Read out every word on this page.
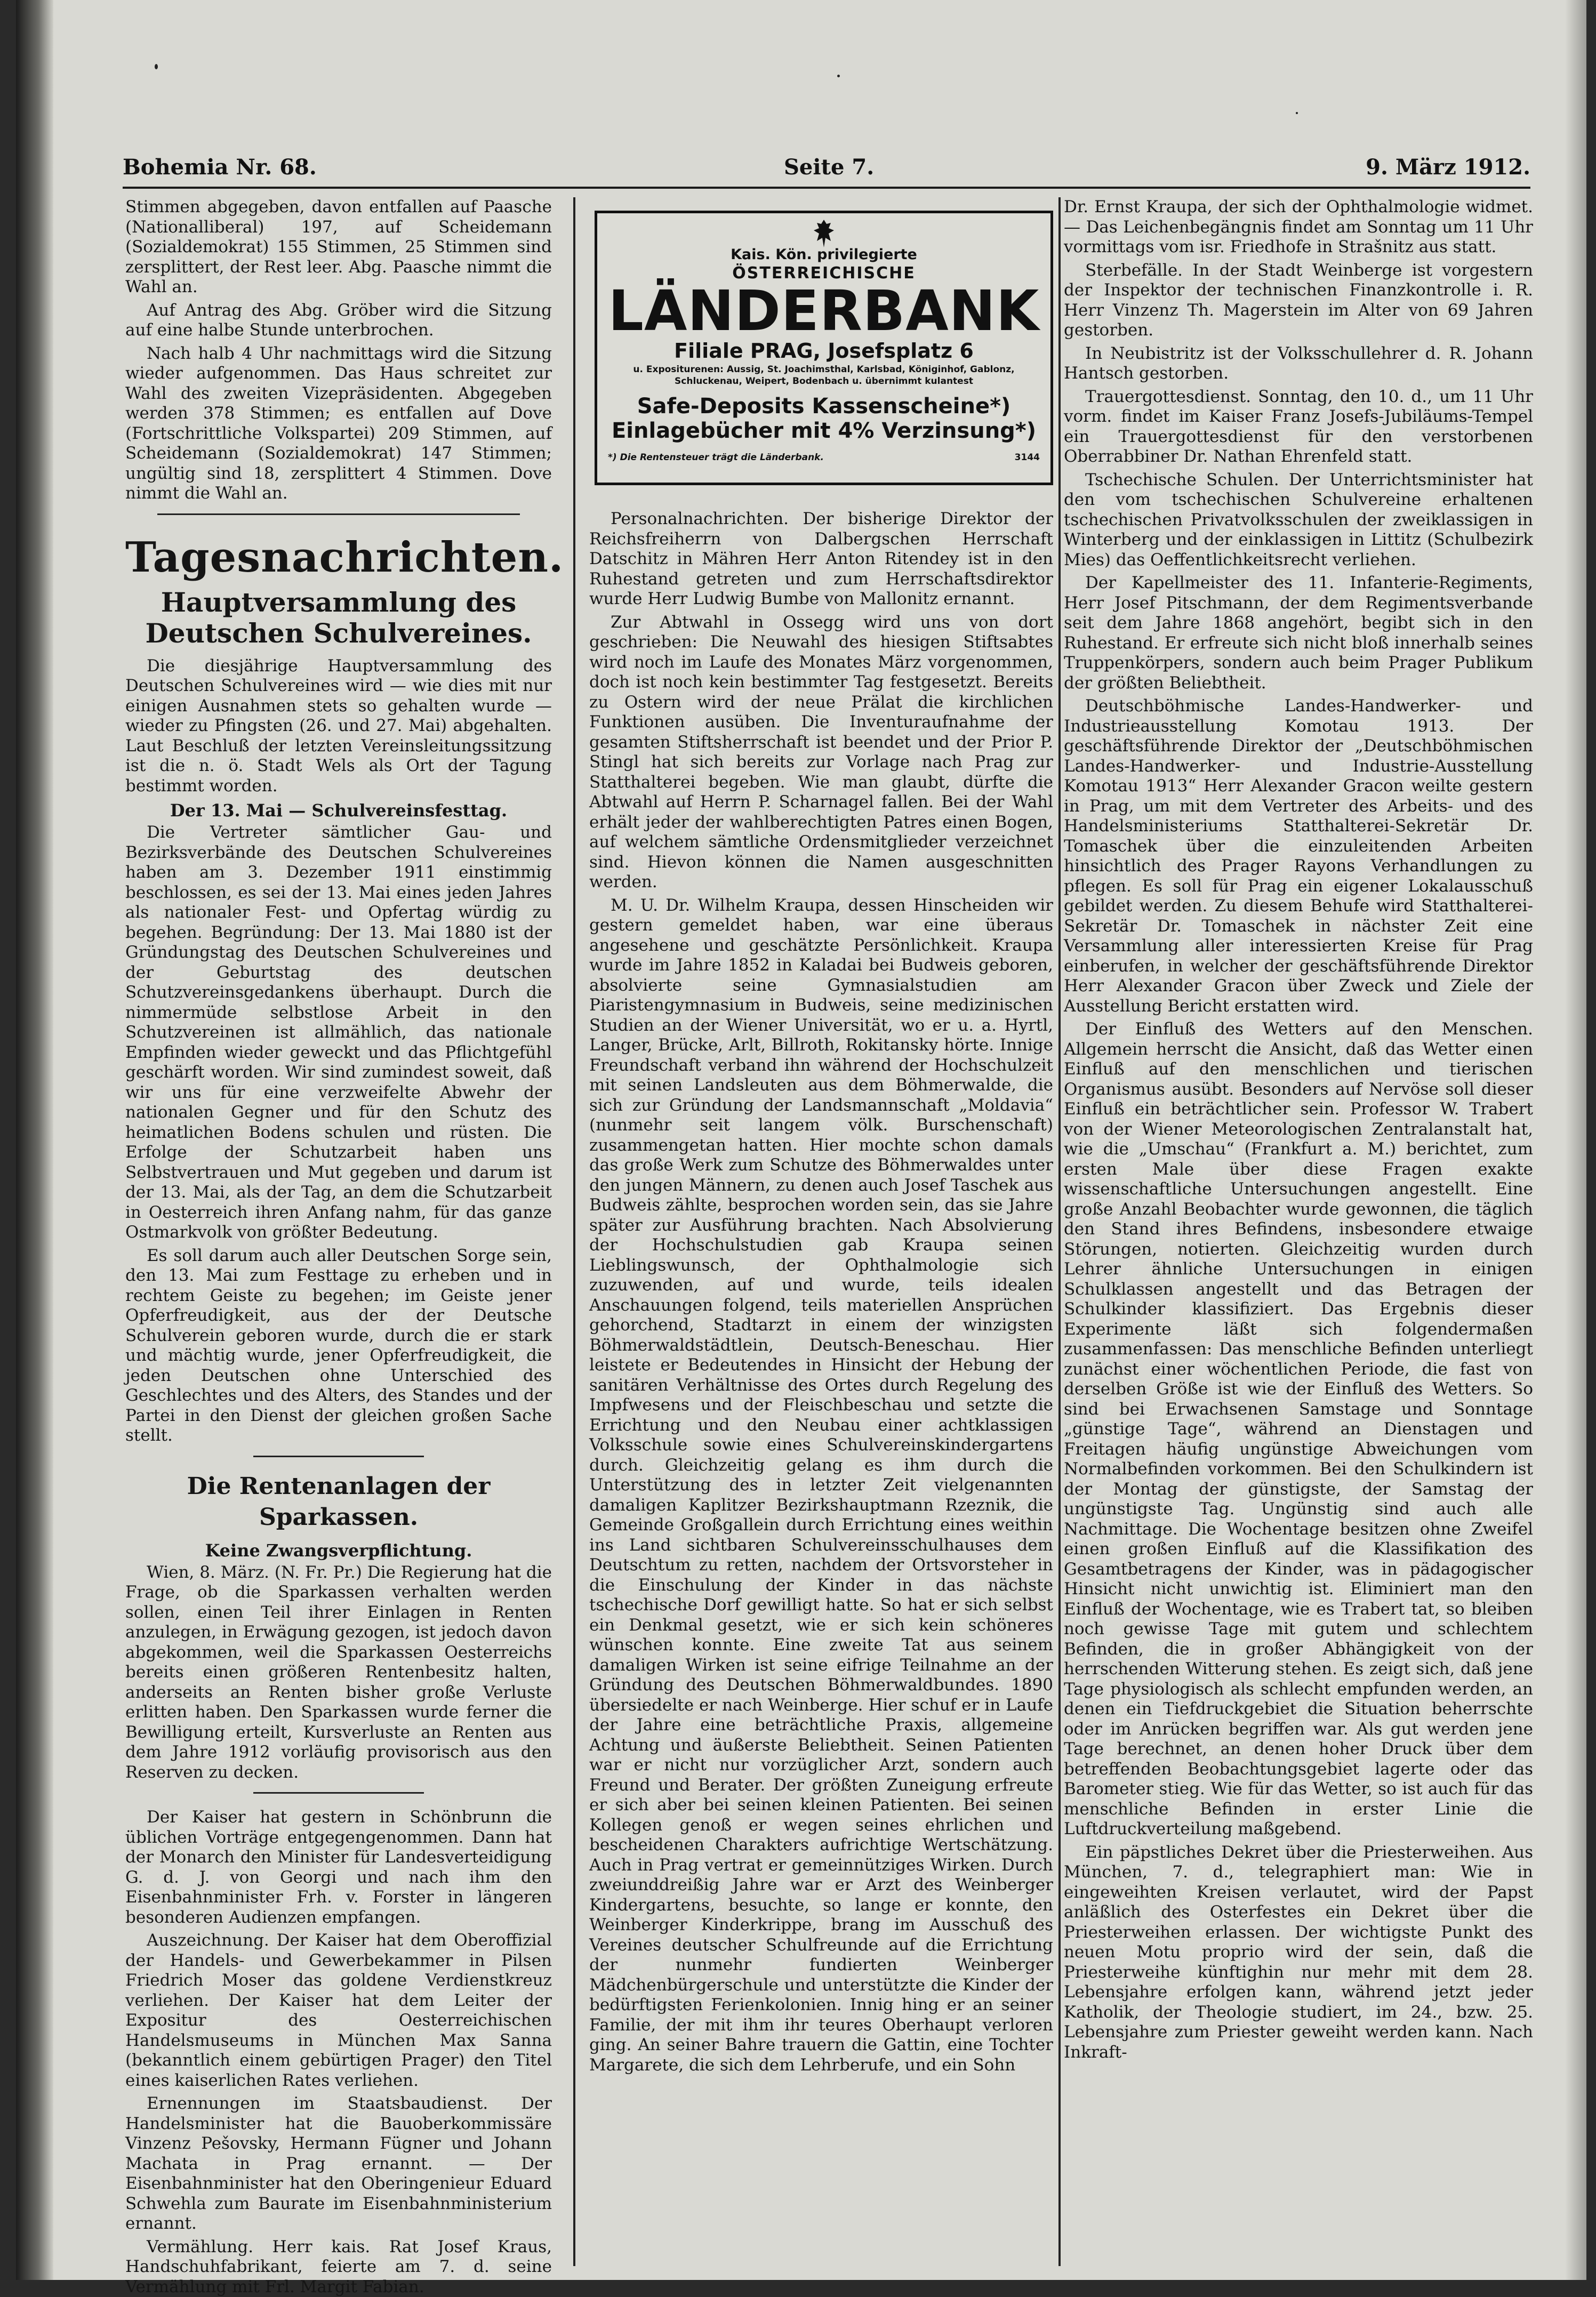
Bohemia Nr. 68.	Seite 7.	9. März 1912.

Stimmen abgegeben, davon entfallen auf Paasche (Nationalliberal) 197, auf Scheidemann (Sozialdemokrat) 155 Stimmen, 25 Stimmen sind zersplittert, der Rest leer. Abg. Paasche nimmt die Wahl an.

Auf Antrag des Abg. Gröber wird die Sitzung auf eine halbe Stunde unterbrochen.

Nach halb 4 Uhr nachmittags wird die Sitzung wieder aufgenommen. Das Haus schreitet zur Wahl des zweiten Vizepräsidenten. Abgegeben werden 378 Stimmen; es entfallen auf Dove (Fortschrittliche Volkspartei) 209 Stimmen, auf Scheidemann (Sozialdemokrat) 147 Stimmen; ungültig sind 18, zersplittert 4 Stimmen. Dove nimmt die Wahl an.

Tagesnachrichten.
Hauptversammlung des Deutschen Schulvereines.

Die diesjährige Hauptversammlung des Deutschen Schulvereines wird — wie dies mit nur einigen Ausnahmen stets so gehalten wurde — wieder zu Pfingsten (26. und 27. Mai) abgehalten. Laut Beschluß der letzten Vereinsleitungssitzung ist die n. ö. Stadt Wels als Ort der Tagung bestimmt worden.

Der 13. Mai — Schulvereinsfesttag.

Die Vertreter sämtlicher Gau- und Bezirksverbände des Deutschen Schulvereines haben am 3. Dezember 1911 einstimmig beschlossen, es sei der 13. Mai eines jeden Jahres als nationaler Fest- und Opfertag würdig zu begehen. Begründung: Der 13. Mai 1880 ist der Gründungstag des Deutschen Schulvereines und der Geburtstag des deutschen Schutzvereinsgedankens überhaupt. Durch die nimmermüde selbstlose Arbeit in den Schutzvereinen ist allmählich, das nationale Empfinden wieder geweckt und das Pflichtgefühl geschärft worden. Wir sind zumindest soweit, daß wir uns für eine verzweifelte Abwehr der nationalen Gegner und für den Schutz des heimatlichen Bodens schulen und rüsten. Die Erfolge der Schutzarbeit haben uns Selbstvertrauen und Mut gegeben und darum ist der 13. Mai, als der Tag, an dem die Schutzarbeit in Oesterreich ihren Anfang nahm, für das ganze Ostmarkvolk von größter Bedeutung.

Es soll darum auch aller Deutschen Sorge sein, den 13. Mai zum Festtage zu erheben und in rechtem Geiste zu begehen; im Geiste jener Opferfreudigkeit, aus der der Deutsche Schulverein geboren wurde, durch die er stark und mächtig wurde, jener Opferfreudigkeit, die jeden Deutschen ohne Unterschied des Geschlechtes und des Alters, des Standes und der Partei in den Dienst der gleichen großen Sache stellt.

Die Rentenanlagen der Sparkassen.
Keine Zwangsverpflichtung.

Wien, 8. März. (N. Fr. Pr.) Die Regierung hat die Frage, ob die Sparkassen verhalten werden sollen, einen Teil ihrer Einlagen in Renten anzulegen, in Erwägung gezogen, ist jedoch davon abgekommen, weil die Sparkassen Oesterreichs bereits einen größeren Rentenbesitz halten, anderseits an Renten bisher große Verluste erlitten haben. Den Sparkassen wurde ferner die Bewilligung erteilt, Kursverluste an Renten aus dem Jahre 1912 vorläufig provisorisch aus den Reserven zu decken.

Der Kaiser hat gestern in Schönbrunn die üblichen Vorträge entgegengenommen. Dann hat der Monarch den Minister für Landesverteidigung G. d. J. von Georgi und nach ihm den Eisenbahnminister Frh. v. Forster in längeren besonderen Audienzen empfangen.

Auszeichnung. Der Kaiser hat dem Oberoffizial der Handels- und Gewerbekammer in Pilsen Friedrich Moser das goldene Verdienstkreuz verliehen. Der Kaiser hat dem Leiter der Expositur des Oesterreichischen Handelsmuseums in München Max Sanna (bekanntlich einem gebürtigen Prager) den Titel eines kaiserlichen Rates verliehen.

Ernennungen im Staatsbaudienst. Der Handelsminister hat die Bauoberkommissäre Vinzenz Pešovsky, Hermann Fügner und Johann Machata in Prag ernannt. — Der Eisenbahnminister hat den Oberingenieur Eduard Schwehla zum Baurate im Eisenbahnministerium ernannt.

Vermählung. Herr kais. Rat Josef Kraus, Handschuhfabrikant, feierte am 7. d. seine Vermählung mit Frl. Margit Fabian.

Kais. Kön. privilegierte
ÖSTERREICHISCHE
LÄNDERBANK
Filiale PRAG, Josefsplatz 6
u. Expositurenen: Aussig, St. Joachimsthal, Karlsbad, Königinhof, Gablonz, Schluckenau, Weipert, Bodenbach u. übernimmt kulantest
Safe-Deposits Kassenscheine*)
Einlagebücher mit 4% Verzinsung*)
3144
*) Die Rentensteuer trägt die Länderbank.

Personalnachrichten. Der bisherige Direktor der Reichsfreiherrn von Dalbergschen Herrschaft Datschitz in Mähren Herr Anton Ritendey ist in den Ruhestand getreten und zum Herrschaftsdirektor wurde Herr Ludwig Bumbe von Mallonitz ernannt.

Zur Abtwahl in Ossegg wird uns von dort geschrieben: Die Neuwahl des hiesigen Stiftsabtes wird noch im Laufe des Monates März vorgenommen, doch ist noch kein bestimmter Tag festgesetzt. Bereits zu Ostern wird der neue Prälat die kirchlichen Funktionen ausüben. Die Inventuraufnahme der gesamten Stiftsherrschaft ist beendet und der Prior P. Stingl hat sich bereits zur Vorlage nach Prag zur Statthalterei begeben. Wie man glaubt, dürfte die Abtwahl auf Herrn P. Scharnagel fallen. Bei der Wahl erhält jeder der wahlberechtigten Patres einen Bogen, auf welchem sämtliche Ordensmitglieder verzeichnet sind. Hievon können die Namen ausgeschnitten werden.

M. U. Dr. Wilhelm Kraupa, dessen Hinscheiden wir gestern gemeldet haben, war eine überaus angesehene und geschätzte Persönlichkeit. Kraupa wurde im Jahre 1852 in Kaladai bei Budweis geboren, absolvierte seine Gymnasialstudien am Piaristengymnasium in Budweis, seine medizinischen Studien an der Wiener Universität, wo er u. a. Hyrtl, Langer, Brücke, Arlt, Billroth, Rokitansky hörte. Innige Freundschaft verband ihn während der Hochschulzeit mit seinen Landsleuten aus dem Böhmerwalde, die sich zur Gründung der Landsmannschaft „Moldavia“ (nunmehr seit langem völk. Burschenschaft) zusammengetan hatten. Hier mochte schon damals das große Werk zum Schutze des Böhmerwaldes unter den jungen Männern, zu denen auch Josef Taschek aus Budweis zählte, besprochen worden sein, das sie Jahre später zur Ausführung brachten. Nach Absolvierung der Hochschulstudien gab Kraupa seinen Lieblingswunsch, der Ophthalmologie sich zuzuwenden, auf und wurde, teils idealen Anschauungen folgend, teils materiellen Ansprüchen gehorchend, Stadtarzt in einem der winzigsten Böhmerwaldstädtlein, Deutsch-Beneschau. Hier leistete er Bedeutendes in Hinsicht der Hebung der sanitären Verhältnisse des Ortes durch Regelung des Impfwesens und der Fleischbeschau und setzte die Errichtung und den Neubau einer achtklassigen Volksschule sowie eines Schulvereinskindergartens durch. Gleichzeitig gelang es ihm durch die Unterstützung des in letzter Zeit vielgenannten damaligen Kaplitzer Bezirkshauptmann Rzeznik, die Gemeinde Großgallein durch Errichtung eines weithin ins Land sichtbaren Schulvereinsschulhauses dem Deutschtum zu retten, nachdem der Ortsvorsteher in die Einschulung der Kinder in das nächste tschechische Dorf gewilligt hatte. So hat er sich selbst ein Denkmal gesetzt, wie er sich kein schöneres wünschen konnte. Eine zweite Tat aus seinem damaligen Wirken ist seine eifrige Teilnahme an der Gründung des Deutschen Böhmerwaldbundes. 1890 übersiedelte er nach Weinberge. Hier schuf er in Laufe der Jahre eine beträchtliche Praxis, allgemeine Achtung und äußerste Beliebtheit. Seinen Patienten war er nicht nur vorzüglicher Arzt, sondern auch Freund und Berater. Der größten Zuneigung erfreute er sich aber bei seinen kleinen Patienten. Bei seinen Kollegen genoß er wegen seines ehrlichen und bescheidenen Charakters aufrichtige Wertschätzung. Auch in Prag vertrat er gemeinnütziges Wirken. Durch zweiunddreißig Jahre war er Arzt des Weinberger Kindergartens, besuchte, so lange er konnte, den Weinberger Kinderkrippe, brang im Ausschuß des Vereines deutscher Schulfreunde auf die Errichtung der nunmehr fundierten Weinberger Mädchenbürgerschule und unterstützte die Kinder der bedürftigsten Ferienkolonien. Innig hing er an seiner Familie, der mit ihm ihr teures Oberhaupt verloren ging. An seiner Bahre trauern die Gattin, eine Tochter Margarete, die sich dem Lehrberufe, und ein Sohn

Dr. Ernst Kraupa, der sich der Ophthalmologie widmet. — Das Leichenbegängnis findet am Sonntag um 11 Uhr vormittags vom isr. Friedhofe in Strašnitz aus statt.

Sterbefälle. In der Stadt Weinberge ist vorgestern der Inspektor der technischen Finanzkontrolle i. R. Herr Vinzenz Th. Magerstein im Alter von 69 Jahren gestorben.

In Neubistritz ist der Volksschullehrer d. R. Johann Hantsch gestorben.

Trauergottesdienst. Sonntag, den 10. d., um 11 Uhr vorm. findet im Kaiser Franz Josefs-Jubiläums-Tempel ein Trauergottesdienst für den verstorbenen Oberrabbiner Dr. Nathan Ehrenfeld statt.

Tschechische Schulen. Der Unterrichtsminister hat den vom tschechischen Schulvereine erhaltenen tschechischen Privatvolksschulen der zweiklassigen in Winterberg und der einklassigen in Littitz (Schulbezirk Mies) das Oeffentlichkeitsrecht verliehen.

Der Kapellmeister des 11. Infanterie-Regiments, Herr Josef Pitschmann, der dem Regimentsverbande seit dem Jahre 1868 angehört, begibt sich in den Ruhestand. Er erfreute sich nicht bloß innerhalb seines Truppenkörpers, sondern auch beim Prager Publikum der größten Beliebtheit.

Deutschböhmische Landes-Handwerker- und Industrieausstellung Komotau 1913. Der geschäftsführende Direktor der „Deutschböhmischen Landes-Handwerker- und Industrie-Ausstellung Komotau 1913“ Herr Alexander Gracon weilte gestern in Prag, um mit dem Vertreter des Arbeits- und des Handelsministeriums Statthalterei-Sekretär Dr. Tomaschek über die einzuleitenden Arbeiten hinsichtlich des Prager Rayons Verhandlungen zu pflegen. Es soll für Prag ein eigener Lokalausschuß gebildet werden. Zu diesem Behufe wird Statthalterei-Sekretär Dr. Tomaschek in nächster Zeit eine Versammlung aller interessierten Kreise für Prag einberufen, in welcher der geschäftsführende Direktor Herr Alexander Gracon über Zweck und Ziele der Ausstellung Bericht erstatten wird.

Der Einfluß des Wetters auf den Menschen. Allgemein herrscht die Ansicht, daß das Wetter einen Einfluß auf den menschlichen und tierischen Organismus ausübt. Besonders auf Nervöse soll dieser Einfluß ein beträchtlicher sein. Professor W. Trabert von der Wiener Meteorologischen Zentralanstalt hat, wie die „Umschau“ (Frankfurt a. M.) berichtet, zum ersten Male über diese Fragen exakte wissenschaftliche Untersuchungen angestellt. Eine große Anzahl Beobachter wurde gewonnen, die täglich den Stand ihres Befindens, insbesondere etwaige Störungen, notierten. Gleichzeitig wurden durch Lehrer ähnliche Untersuchungen in einigen Schulklassen angestellt und das Betragen der Schulkinder klassifiziert. Das Ergebnis dieser Experimente läßt sich folgendermaßen zusammenfassen: Das menschliche Befinden unterliegt zunächst einer wöchentlichen Periode, die fast von derselben Größe ist wie der Einfluß des Wetters. So sind bei Erwachsenen Samstage und Sonntage „günstige Tage“, während an Dienstagen und Freitagen häufig ungünstige Abweichungen vom Normalbefinden vorkommen. Bei den Schulkindern ist der Montag der günstigste, der Samstag der ungünstigste Tag. Ungünstig sind auch alle Nachmittage. Die Wochentage besitzen ohne Zweifel einen großen Einfluß auf die Klassifikation des Gesamtbetragens der Kinder, was in pädagogischer Hinsicht nicht unwichtig ist. Eliminiert man den Einfluß der Wochentage, wie es Trabert tat, so bleiben noch gewisse Tage mit gutem und schlechtem Befinden, die in großer Abhängigkeit von der herrschenden Witterung stehen. Es zeigt sich, daß jene Tage physiologisch als schlecht empfunden werden, an denen ein Tiefdruckgebiet die Situation beherrschte oder im Anrücken begriffen war. Als gut werden jene Tage berechnet, an denen hoher Druck über dem betreffenden Beobachtungsgebiet lagerte oder das Barometer stieg. Wie für das Wetter, so ist auch für das menschliche Befinden in erster Linie die Luftdruckverteilung maßgebend.

Ein päpstliches Dekret über die Priesterweihen. Aus München, 7. d., telegraphiert man: Wie in eingeweihten Kreisen verlautet, wird der Papst anläßlich des Osterfestes ein Dekret über die Priesterweihen erlassen. Der wichtigste Punkt des neuen Motu proprio wird der sein, daß die Priesterweihe künftighin nur mehr mit dem 28. Lebensjahre erfolgen kann, während jetzt jeder Katholik, der Theologie studiert, im 24., bzw. 25. Lebensjahre zum Priester geweiht werden kann. Nach Inkraft-
